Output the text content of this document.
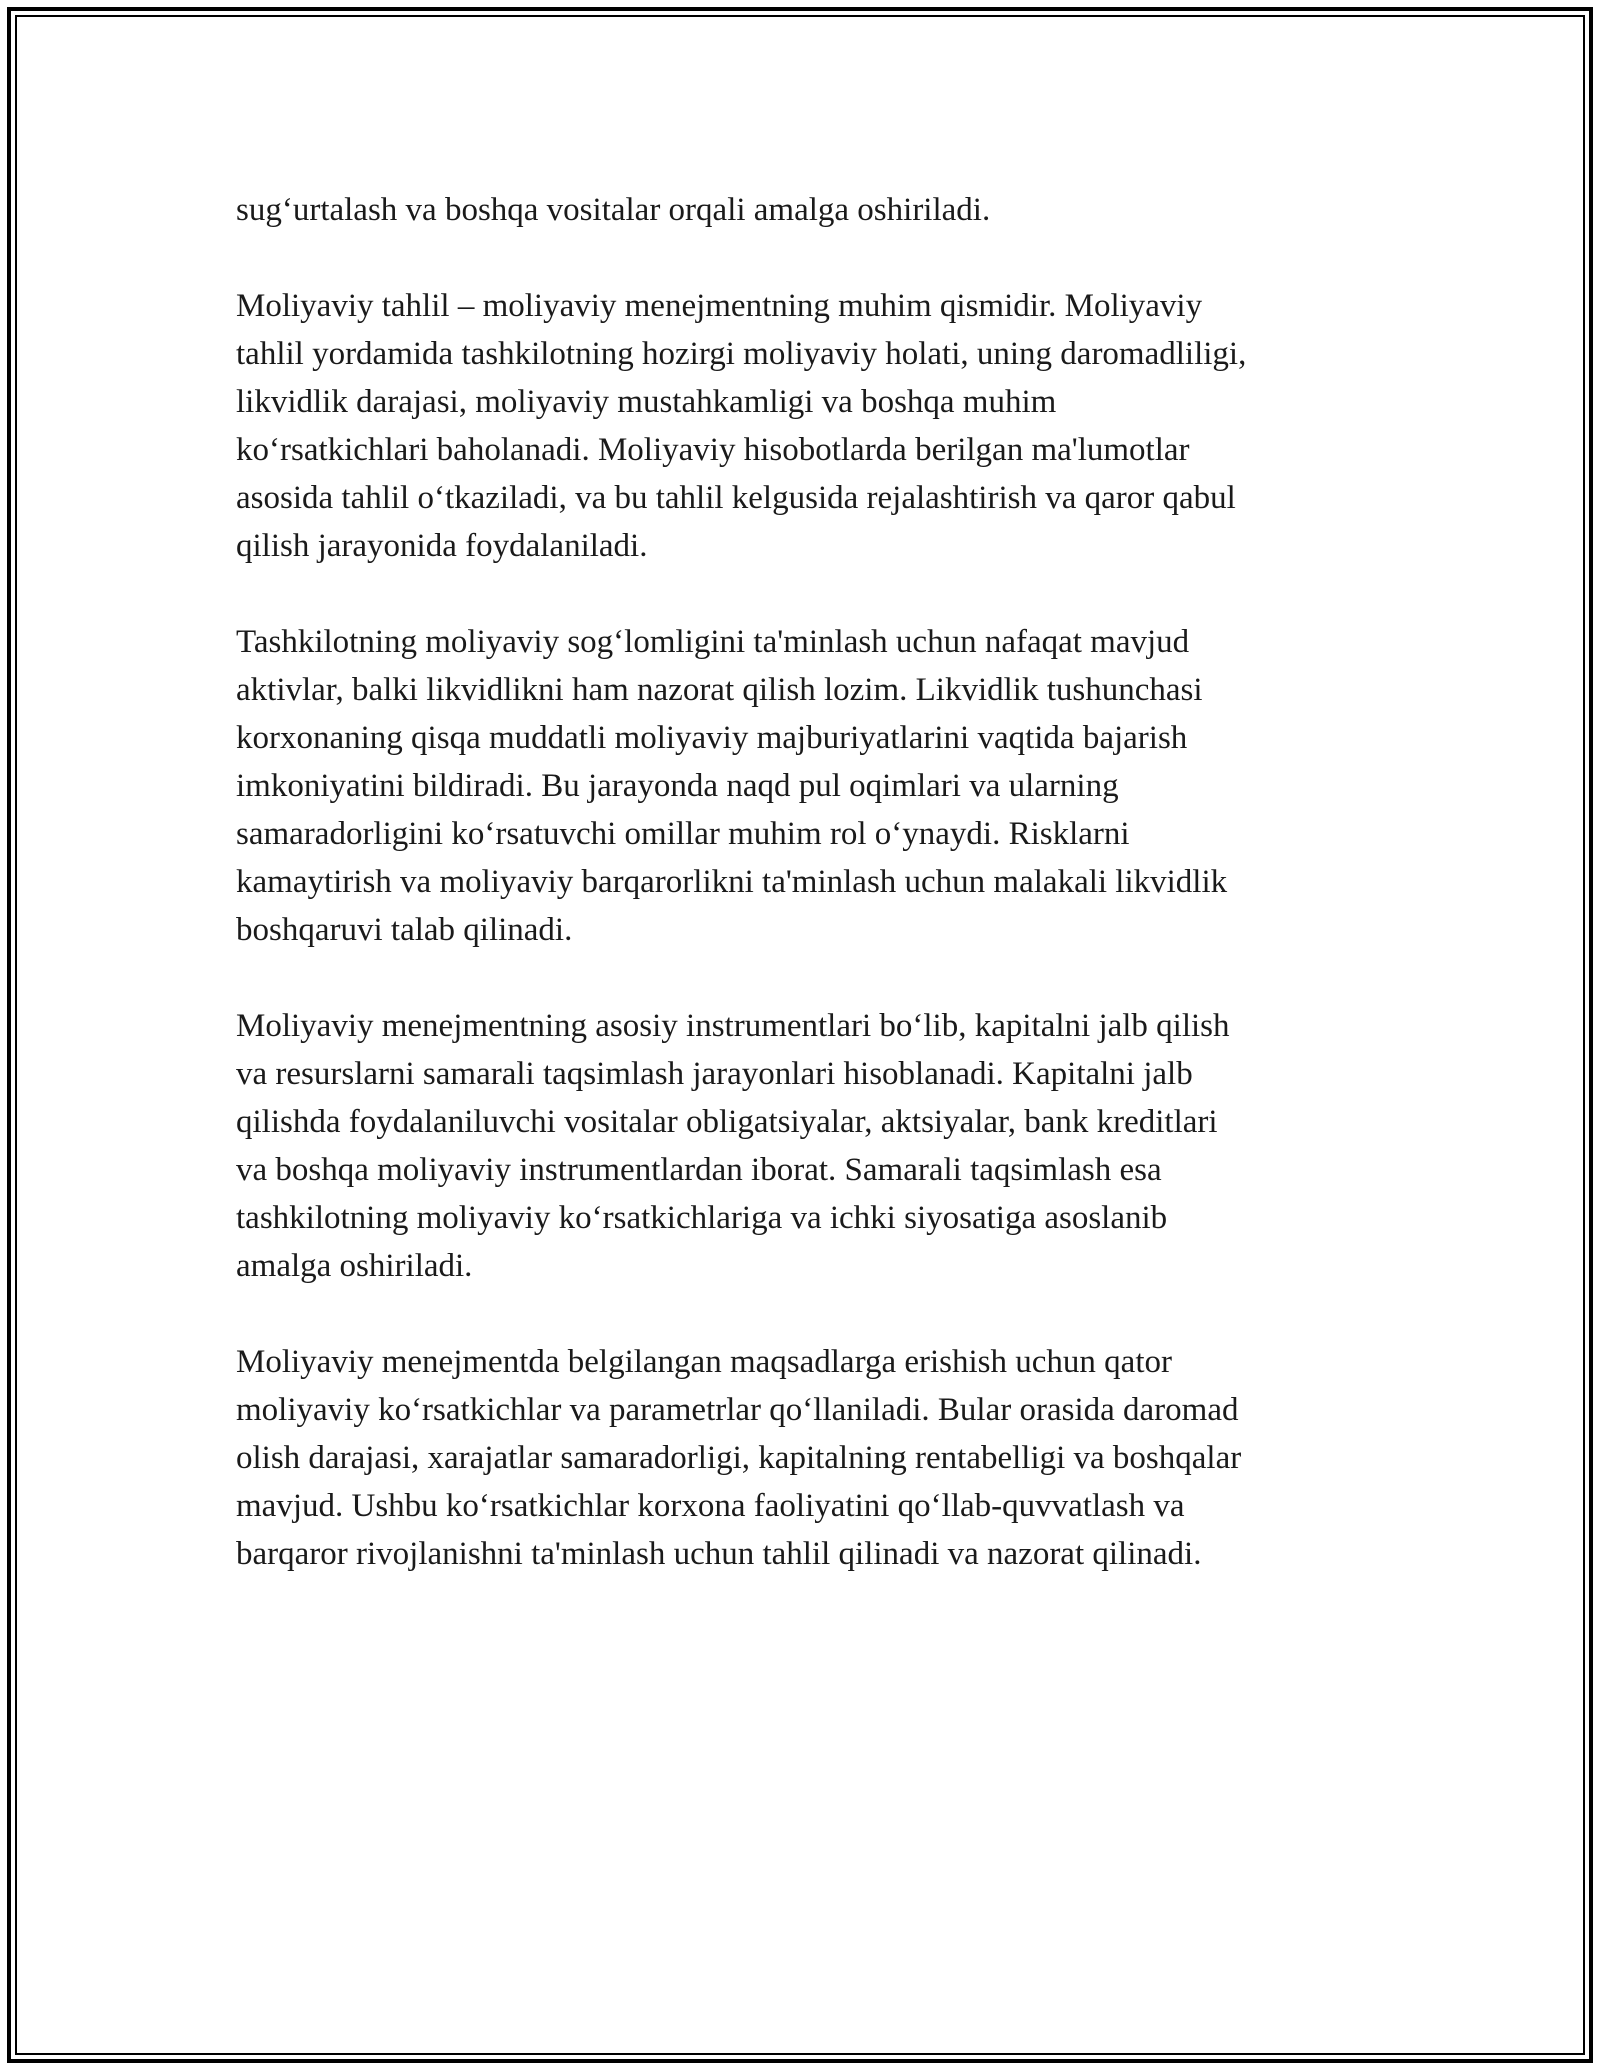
sug‘urtalash va boshqa vositalar orqali amalga oshiriladi.

Moliyaviy tahlil – moliyaviy menejmentning muhim qismidir. Moliyaviy
tahlil yordamida tashkilotning hozirgi moliyaviy holati, uning daromadliligi,
likvidlik darajasi, moliyaviy mustahkamligi va boshqa muhim
ko‘rsatkichlari baholanadi. Moliyaviy hisobotlarda berilgan ma'lumotlar
asosida tahlil o‘tkaziladi, va bu tahlil kelgusida rejalashtirish va qaror qabul
qilish jarayonida foydalaniladi.

Tashkilotning moliyaviy sog‘lomligini ta'minlash uchun nafaqat mavjud
aktivlar, balki likvidlikni ham nazorat qilish lozim. Likvidlik tushunchasi
korxonaning qisqa muddatli moliyaviy majburiyatlarini vaqtida bajarish
imkoniyatini bildiradi. Bu jarayonda naqd pul oqimlari va ularning
samaradorligini ko‘rsatuvchi omillar muhim rol o‘ynaydi. Risklarni
kamaytirish va moliyaviy barqarorlikni ta'minlash uchun malakali likvidlik
boshqaruvi talab qilinadi.

Moliyaviy menejmentning asosiy instrumentlari bo‘lib, kapitalni jalb qilish
va resurslarni samarali taqsimlash jarayonlari hisoblanadi. Kapitalni jalb
qilishda foydalaniluvchi vositalar obligatsiyalar, aktsiyalar, bank kreditlari
va boshqa moliyaviy instrumentlardan iborat. Samarali taqsimlash esa
tashkilotning moliyaviy ko‘rsatkichlariga va ichki siyosatiga asoslanib
amalga oshiriladi.

Moliyaviy menejmentda belgilangan maqsadlarga erishish uchun qator
moliyaviy ko‘rsatkichlar va parametrlar qo‘llaniladi. Bular orasida daromad
olish darajasi, xarajatlar samaradorligi, kapitalning rentabelligi va boshqalar
mavjud. Ushbu ko‘rsatkichlar korxona faoliyatini qo‘llab-quvvatlash va
barqaror rivojlanishni ta'minlash uchun tahlil qilinadi va nazorat qilinadi.
